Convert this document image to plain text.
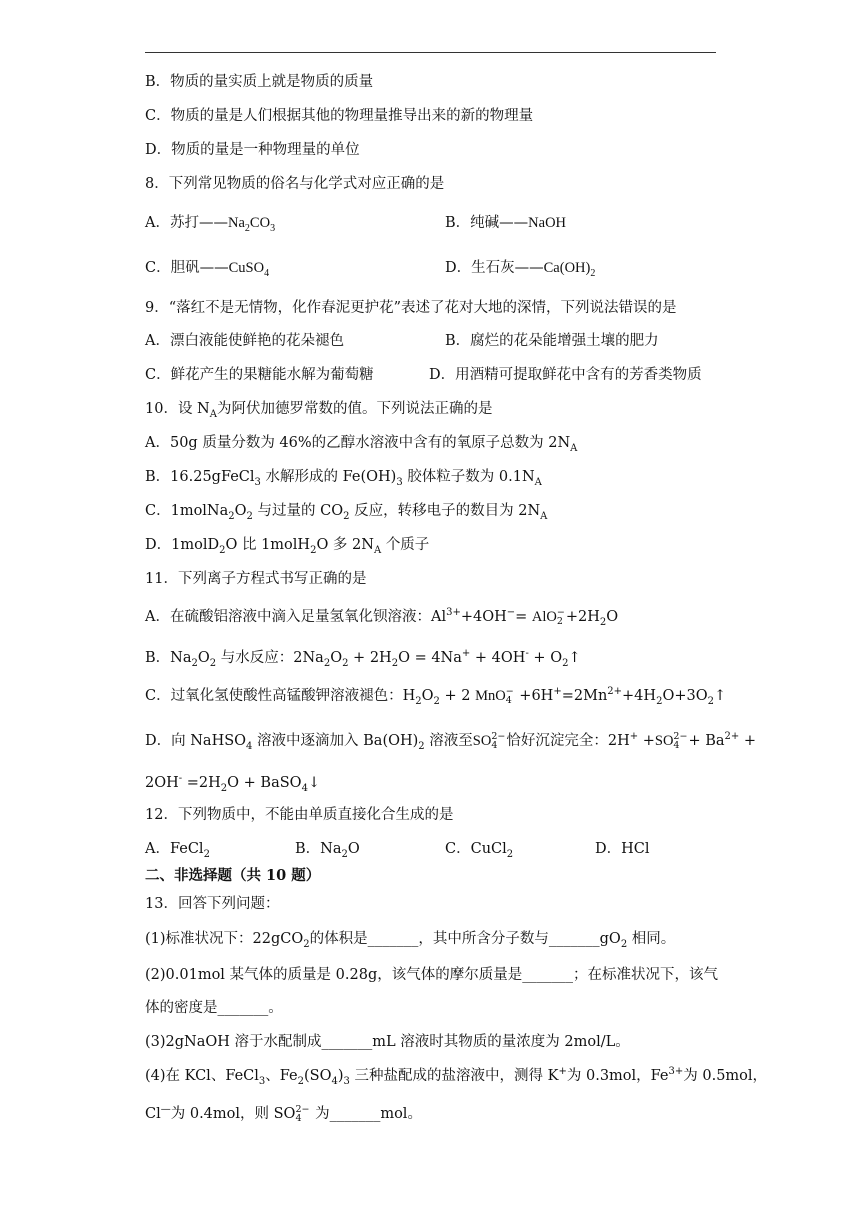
B．物质的量实质上就是物质的质量
C．物质的量是人们根据其他的物理量推导出来的新的物理量
D．物质的量是一种物理量的单位
8．下列常见物质的俗名与化学式对应正确的是
A．苏打$——Na_2CO_3$	B．纯碱——NaOH
C．胆矾——CuSO$_4$	D．生石灰$——Ca(OH)_2$
9．“落红不是无情物，化作春泥更护花”表述了花对大地的深情，下列说法错误的是
A．漂白液能使鲜艳的花朵褪色	B．腐烂的花朵能增强土壤的肥力
C．鲜花产生的果糖能水解为葡萄糖	D．用酒精可提取鲜花中含有的芳香类物质
10．设 $N_A$为阿伏加德罗常数的值。下列说法正确的是
A．50g 质量分数为 46%的乙醇水溶液中含有的氧原子总数为 $2N_A$
B．16.25gFeCl$_3$ 水解形成的 $Fe(OH)_3$ 胶体粒子数为 $0.1N_A$
C．$1molNa_2O_2$ 与过量的 $CO_2$ 反应，转移电子的数目为 $2N_A$
D．1molD$_2$O 比 1molH$_2$O 多 $2N_A$ 个质子
11．下列离子方程式书写正确的是
A．在硫酸铝溶液中滴入足量氢氧化钡溶液：$Al^{3+}+4OH^-=$ AlO −
$2 +2H_2O$
B．$Na_2O_2$ 与水反应：$2Na_2O_2 + 2H_2O = 4Na^+ + 4OH^-$ + $O_2↑$
C．过氧化氢使酸性高锰酸钾溶液褪色：$H_2O_2 + 2$ MnO −
$4 +6H^+=2Mn^{2+}+4H_2O+3O_2↑$
D．向 NaHSO$_4$ 溶液中逐滴加入 $Ba(OH)_2$ 溶液至SO 2−
4 恰好沉淀完全：2H+ +SO 2−
$4 + Ba^{2+}$ +
$2OH^- =2H_2O$ + BaSO$_4$↓
12．下列物质中，不能由单质直接化合生成的是
A．FeCl$_2$	B．$Na_2O$	C．CuCl$_2$	D．HCl
二、非选择题（共 10 题）
13．回答下列问题：
(1)标准状况下：22gCO$_2$的体积是_______，其中所含分子数与$\_\_\_\_\_\_\_gO_2$ 相同。
(2)0.01mol 某气体的质量是 0.28g，该气体的摩尔质量是_______；在标准状况下，该气
体的密度是_______。
(3)2gNaOH 溶于水配制成_______mL 溶液时其物质的量浓度为 2mol/L。
(4)在 KCl、FeCl$_3$、$Fe_2(SO_4)_3$ 三种盐配成的盐溶液中，测得 K+为 0.3mol，$Fe^{3+}$为 0.5mol，
Cl—为 0.4mol，则 SO 2−
4 为_______mol。
